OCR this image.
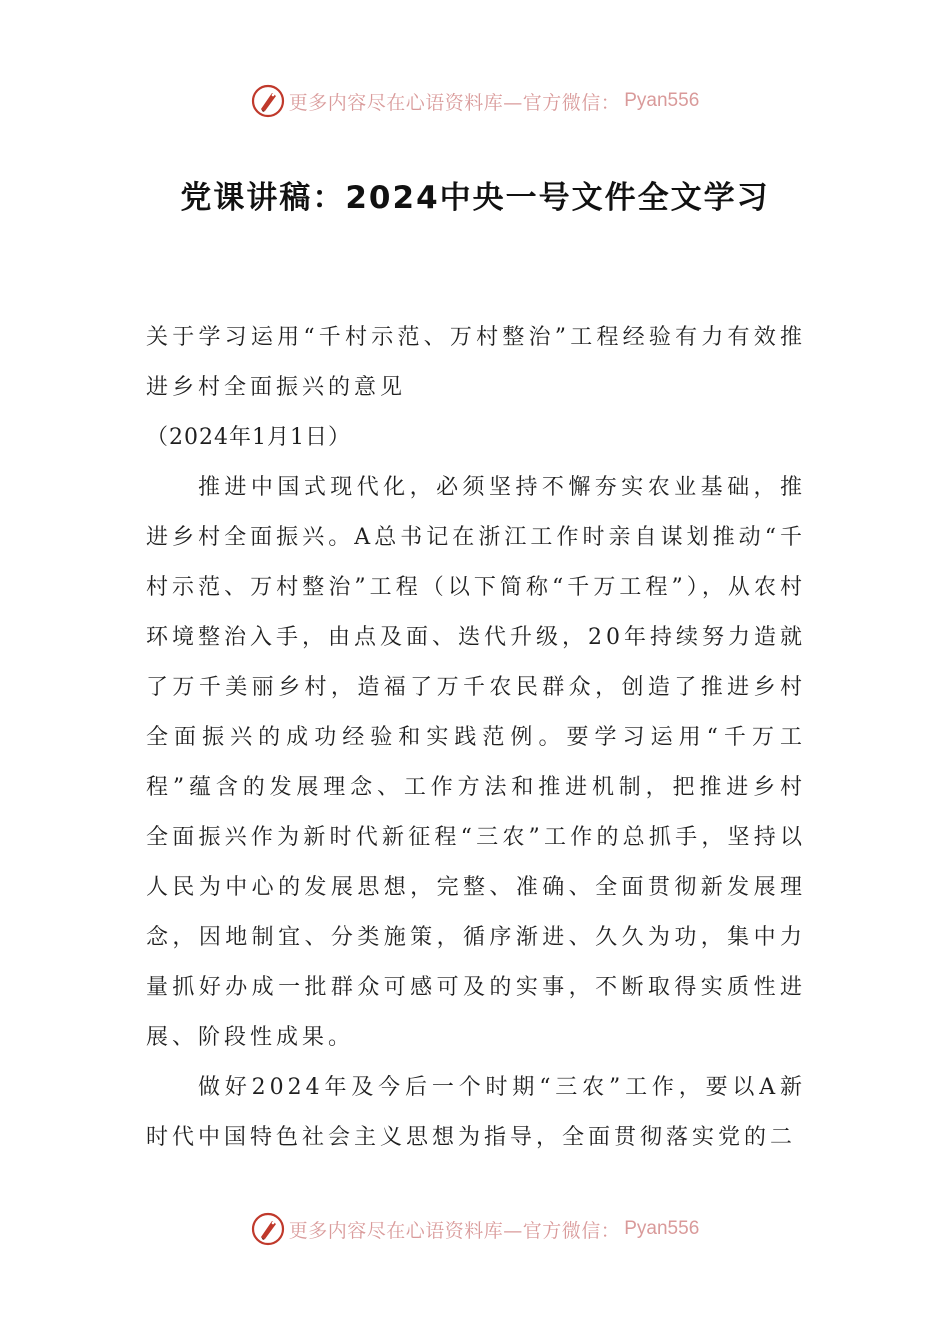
更多内容尽在心语资料库—官方微信： Pyan556
党课讲稿：2024中央一号文件全文学习

关于学习运用“千村示范、万村整治”工程经验有力有效推进乡村全面振兴的意见

（2024年1月1日）

推进中国式现代化，必须坚持不懈夯实农业基础，推进乡村全面振兴。A总书记在浙江工作时亲自谋划推动“千村示范、万村整治”工程（以下简称“千万工程”），从农村环境整治入手，由点及面、迭代升级，20年持续努力造就了万千美丽乡村，造福了万千农民群众，创造了推进乡村全面振兴的成功经验和实践范例。要学习运用“千万工程”蕴含的发展理念、工作方法和推进机制，把推进乡村全面振兴作为新时代新征程“三农”工作的总抓手，坚持以人民为中心的发展思想，完整、准确、全面贯彻新发展理念，因地制宜、分类施策，循序渐进、久久为功，集中力量抓好办成一批群众可感可及的实事，不断取得实质性进展、阶段性成果。

做好2024年及今后一个时期“三农”工作，要以A新时代中国特色社会主义思想为指导，全面贯彻落实党的二

更多内容尽在心语资料库—官方微信： Pyan556
